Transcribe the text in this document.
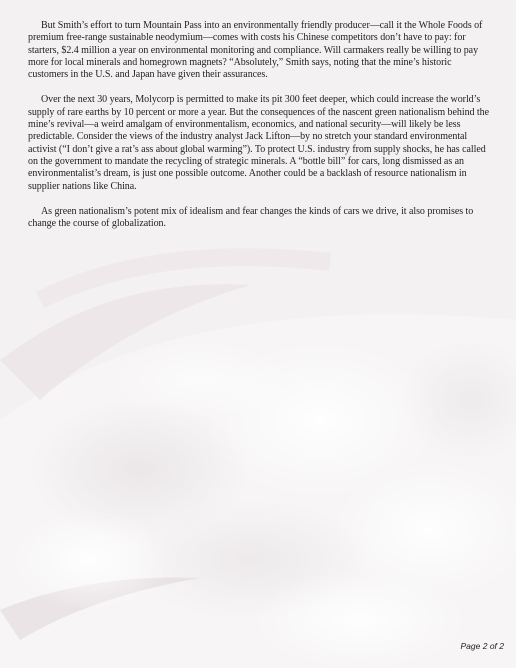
But Smith’s effort to turn Mountain Pass into an environmentally friendly producer—call it the Whole Foods of premium free-range sustainable neodymium—comes with costs his Chinese competitors don’t have to pay: for starters, $2.4 million a year on environmental monitoring and compliance. Will carmakers really be willing to pay more for local minerals and homegrown magnets? “Absolutely,” Smith says, noting that the mine’s historic customers in the U.S. and Japan have given their assurances.

Over the next 30 years, Molycorp is permitted to make its pit 300 feet deeper, which could increase the world’s supply of rare earths by 10 percent or more a year. But the consequences of the nascent green nationalism behind the mine’s revival—a weird amalgam of environmentalism, economics, and national security—will likely be less predictable. Consider the views of the industry analyst Jack Lifton—by no stretch your standard environmental activist (“I don’t give a rat’s ass about global warming”). To protect U.S. industry from supply shocks, he has called on the government to mandate the recycling of strategic minerals. A “bottle bill” for cars, long dismissed as an environmentalist’s dream, is just one possible outcome. Another could be a backlash of resource nationalism in supplier nations like China.

As green nationalism’s potent mix of idealism and fear changes the kinds of cars we drive, it also promises to change the course of globalization.

Page 2 of 2
